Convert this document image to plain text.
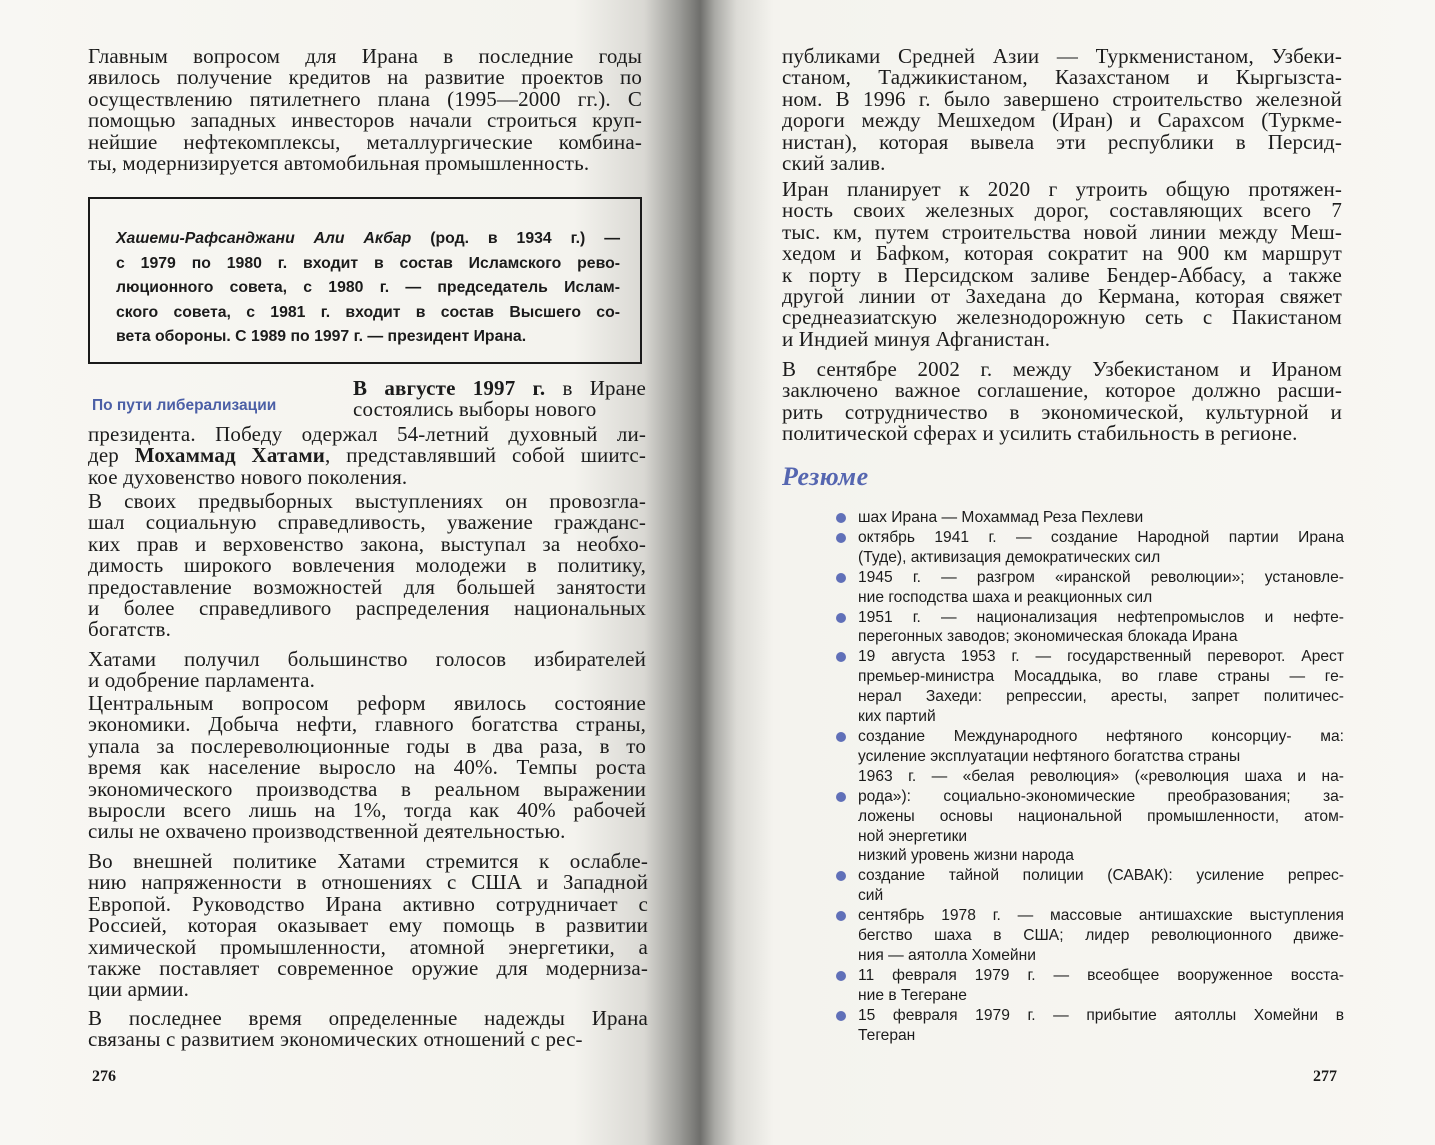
Главным вопросом для Ирана в последние годы
явилось получение кредитов на развитие проектов по
осуществлению пятилетнего плана (1995—2000 гг.). С
помощью западных инвесторов начали строиться круп-
нейшие нефтекомплексы, металлургические комбина-
ты, модернизируется автомобильная промышленность.
Хашеми-Рафсанджани Али Акбар (род. в 1934 г.) —
с 1979 по 1980 г. входит в состав Исламского рево-
люционного совета, с 1980 г. — председатель Ислам-
ского совета, с 1981 г. входит в состав Высшего со-
вета обороны. С 1989 по 1997 г. — президент Ирана.
По пути либерализации
В августе 1997 г. в Иране
состоялись выборы нового
президента. Победу одержал 54-летний духовный ли-
дер Мохаммад Хатами, представлявший собой шиитс-
кое духовенство нового поколения.
В своих предвыборных выступлениях он провозгла-
шал социальную справедливость, уважение гражданс-
ких прав и верховенство закона, выступал за необхо-
димость широкого вовлечения молодежи в политику,
предоставление возможностей для большей занятости
и более справедливого распределения национальных
богатств.
Хатами получил большинство голосов избирателей
и одобрение парламента.
Центральным вопросом реформ явилось состояние
экономики. Добыча нефти, главного богатства страны,
упала за послереволюционные годы в два раза, в то
время как население выросло на 40%. Темпы роста
экономического производства в реальном выражении
выросли всего лишь на 1%, тогда как 40% рабочей
силы не охвачено производственной деятельностью.
Во внешней политике Хатами стремится к ослабле-
нию напряженности в отношениях с США и Западной
Европой. Руководство Ирана активно сотрудничает с
Россией, которая оказывает ему помощь в развитии
химической промышленности, атомной энергетики, а
также поставляет современное оружие для модерниза-
ции армии.
В последнее время определенные надежды Ирана
связаны с развитием экономических отношений с рес-
276
публиками Средней Азии — Туркменистаном, Узбеки-
станом, Таджикистаном, Казахстаном и Кыргызста-
ном. В 1996 г. было завершено строительство железной
дороги между Мешхедом (Иран) и Сарахсом (Туркме-
нистан), которая вывела эти республики в Персид-
ский залив.
Иран планирует к 2020 г утроить общую протяжен-
ность своих железных дорог, составляющих всего 7
тыс. км, путем строительства новой линии между Меш-
хедом и Бафком, которая сократит на 900 км маршрут
к порту в Персидском заливе Бендер-Аббасу, а также
другой линии от Захедана до Кермана, которая свяжет
среднеазиатскую железнодорожную сеть с Пакистаном
и Индией минуя Афганистан.
В сентябре 2002 г. между Узбекистаном и Ираном
заключено важное соглашение, которое должно расши-
рить сотрудничество в экономической, культурной и
политической сферах и усилить стабильность в регионе.
277
Резюме
шах Ирана — Мохаммад Реза Пехлеви
октябрь 1941 г. — создание Народной партии Ирана
(Туде), активизация демократических сил
1945 г. — разгром «иранской революции»; установле-
ние господства шаха и реакционных сил
1951 г. — национализация нефтепромыслов и нефте-
перегонных заводов; экономическая блокада Ирана
19 августа 1953 г. — государственный переворот. Арест
премьер-министра Мосаддыка, во главе страны — ге-
нерал Захеди: репрессии, аресты, запрет политичес-
ких партий
создание Международного нефтяного консорциу- ма:
усиление эксплуатации нефтяного богатства страны
1963 г. — «белая революция» («революция шаха и на-
рода»): социально-экономические преобразования; за-
ложены основы национальной промышленности, атом-
ной энергетики
низкий уровень жизни народа
создание тайной полиции (САВАК): усиление репрес-
сий
сентябрь 1978 г. — массовые антишахские выступления
бегство шаха в США; лидер революционного движе-
ния — аятолла Хомейни
11 февраля 1979 г. — всеобщее вооруженное восста-
ние в Тегеране
15 февраля 1979 г. — прибытие аятоллы Хомейни в
Тегеран
